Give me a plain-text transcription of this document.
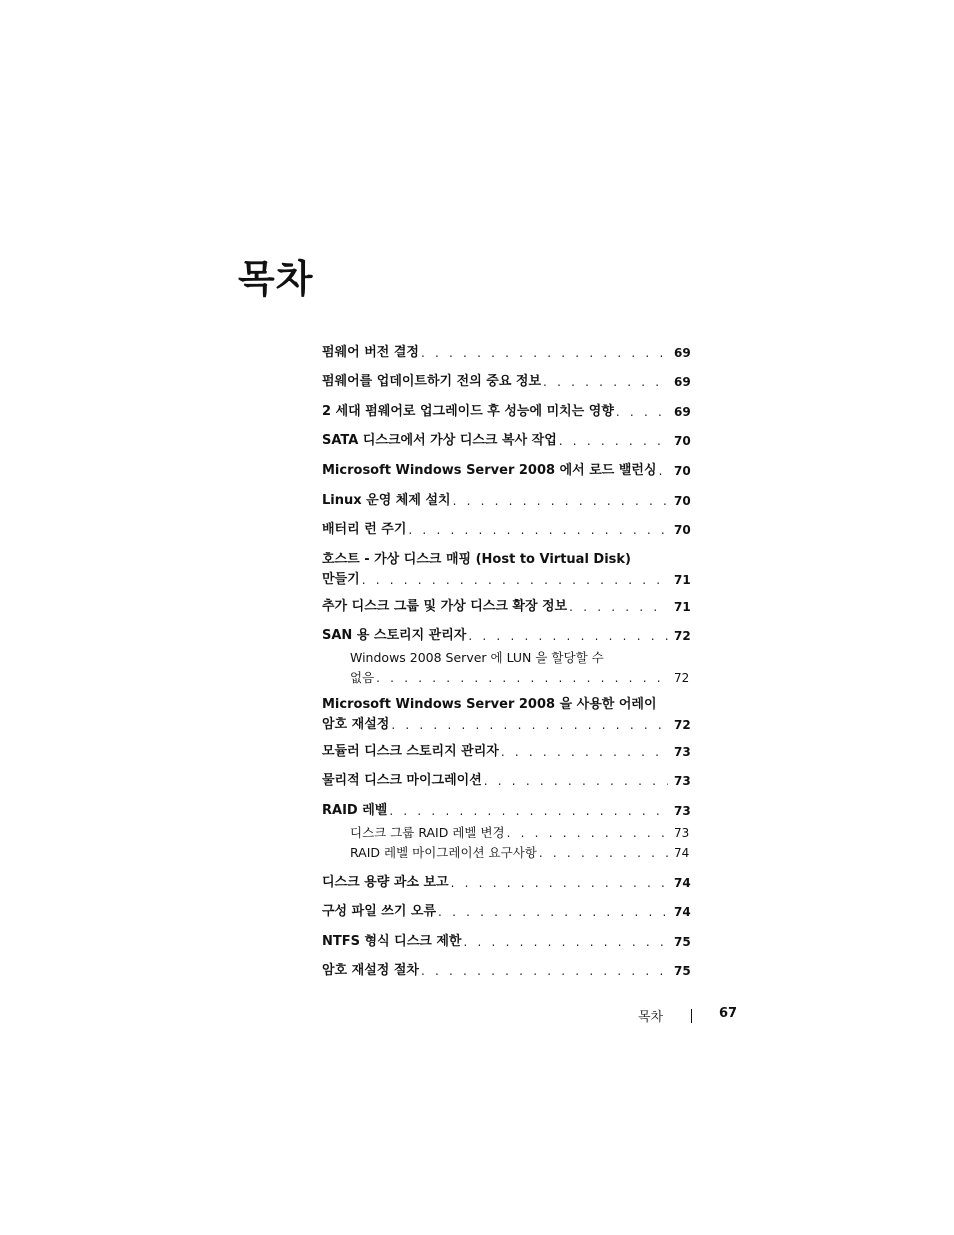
목차
펌웨어 버전 결정 . . .	69
펌웨어를 업데이트하기 전의 중요 정보 . . .	69
2 세대 펌웨어로 업그레이드 후 성능에 미치는 영향 . . .	69
SATA 디스크에서 가상 디스크 복사 작업 . . .	70
Microsoft Windows Server 2008 에서 로드 밸런싱 . . . 70
Linux 운영 체제 설치 . . .	70
배터리 런 주기 . . .	70
호스트 - 가상 디스크 매핑 (Host to Virtual Disk)
만들기 . . .	71
추가 디스크 그룹 및 가상 디스크 확장 정보 . . .	71
SAN 용 스토리지 관리자 . . .	72
Windows 2008 Server 에 LUN 을 할당할 수
없음 . . .	72
Microsoft Windows Server 2008 을 사용한 어레이
암호 재설정 . . .	72
모듈러 디스크 스토리지 관리자 . . .	73
물리적 디스크 마이그레이션 . . .	73
RAID 레벨 . . .	73
디스크 그룹 RAID 레벨 변경 . . .	73
RAID 레벨 마이그레이션 요구사항 . . .	74
디스크 용량 과소 보고 . . .	74
구성 파일 쓰기 오류 . . .	74
NTFS 형식 디스크 제한 . . .	75
암호 재설정 절차 . . .	75
목차	67
